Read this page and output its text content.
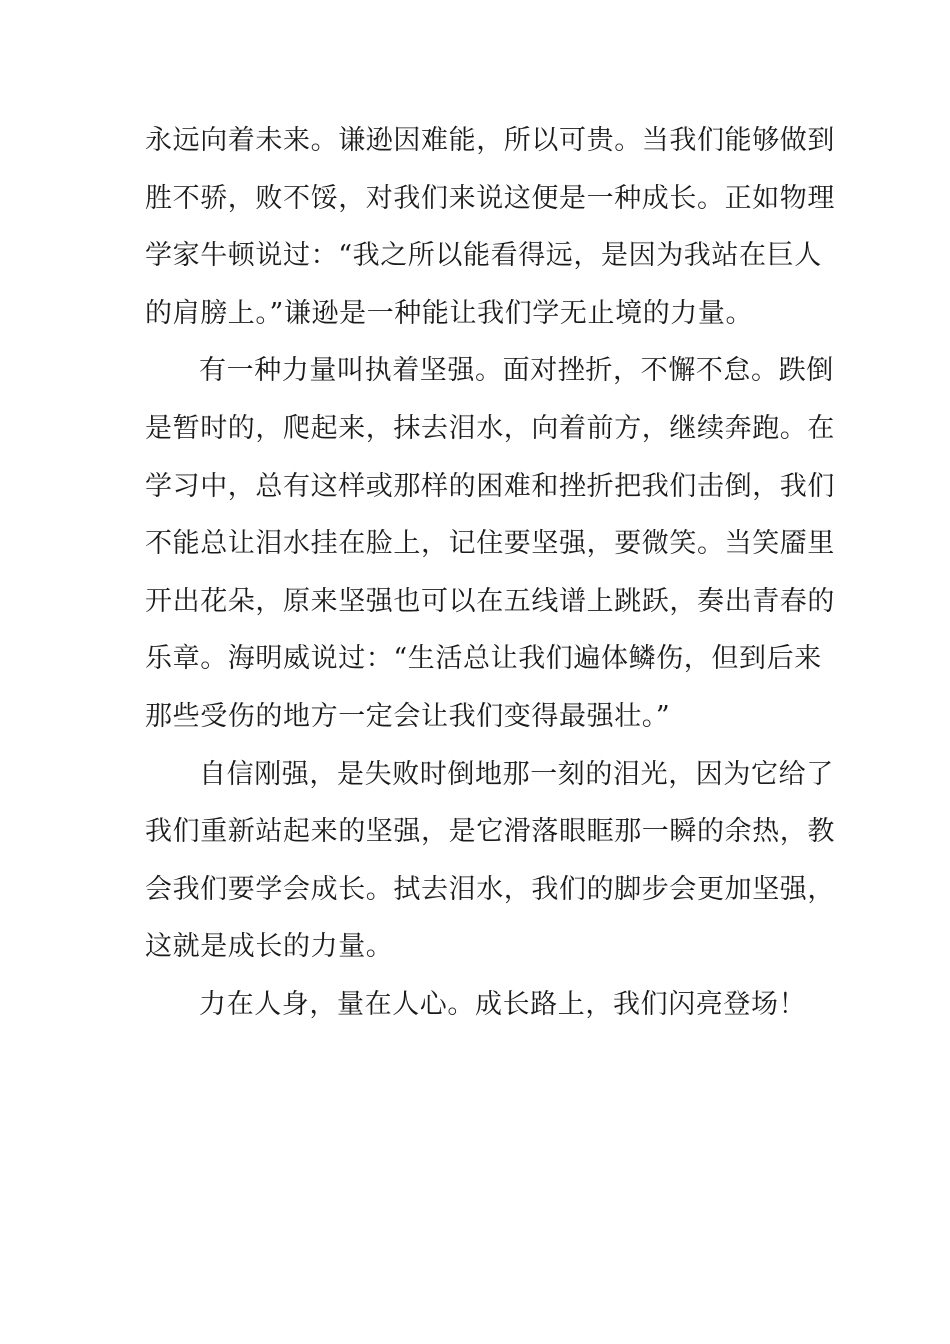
永远向着未来。谦逊因难能，所以可贵。当我们能够做到
胜不骄，败不馁，对我们来说这便是一种成长。正如物理
学家牛顿说过：“我之所以能看得远，是因为我站在巨人
的肩膀上。”谦逊是一种能让我们学无止境的力量。
有一种力量叫执着坚强。面对挫折，不懈不怠。跌倒
是暂时的，爬起来，抹去泪水，向着前方，继续奔跑。在
学习中，总有这样或那样的困难和挫折把我们击倒，我们
不能总让泪水挂在脸上，记住要坚强，要微笑。当笑靥里
开出花朵，原来坚强也可以在五线谱上跳跃，奏出青春的
乐章。海明威说过：“生活总让我们遍体鳞伤，但到后来
那些受伤的地方一定会让我们变得最强壮。”
自信刚强，是失败时倒地那一刻的泪光，因为它给了
我们重新站起来的坚强，是它滑落眼眶那一瞬的余热，教
会我们要学会成长。拭去泪水，我们的脚步会更加坚强，
这就是成长的力量。
力在人身，量在人心。成长路上，我们闪亮登场！
